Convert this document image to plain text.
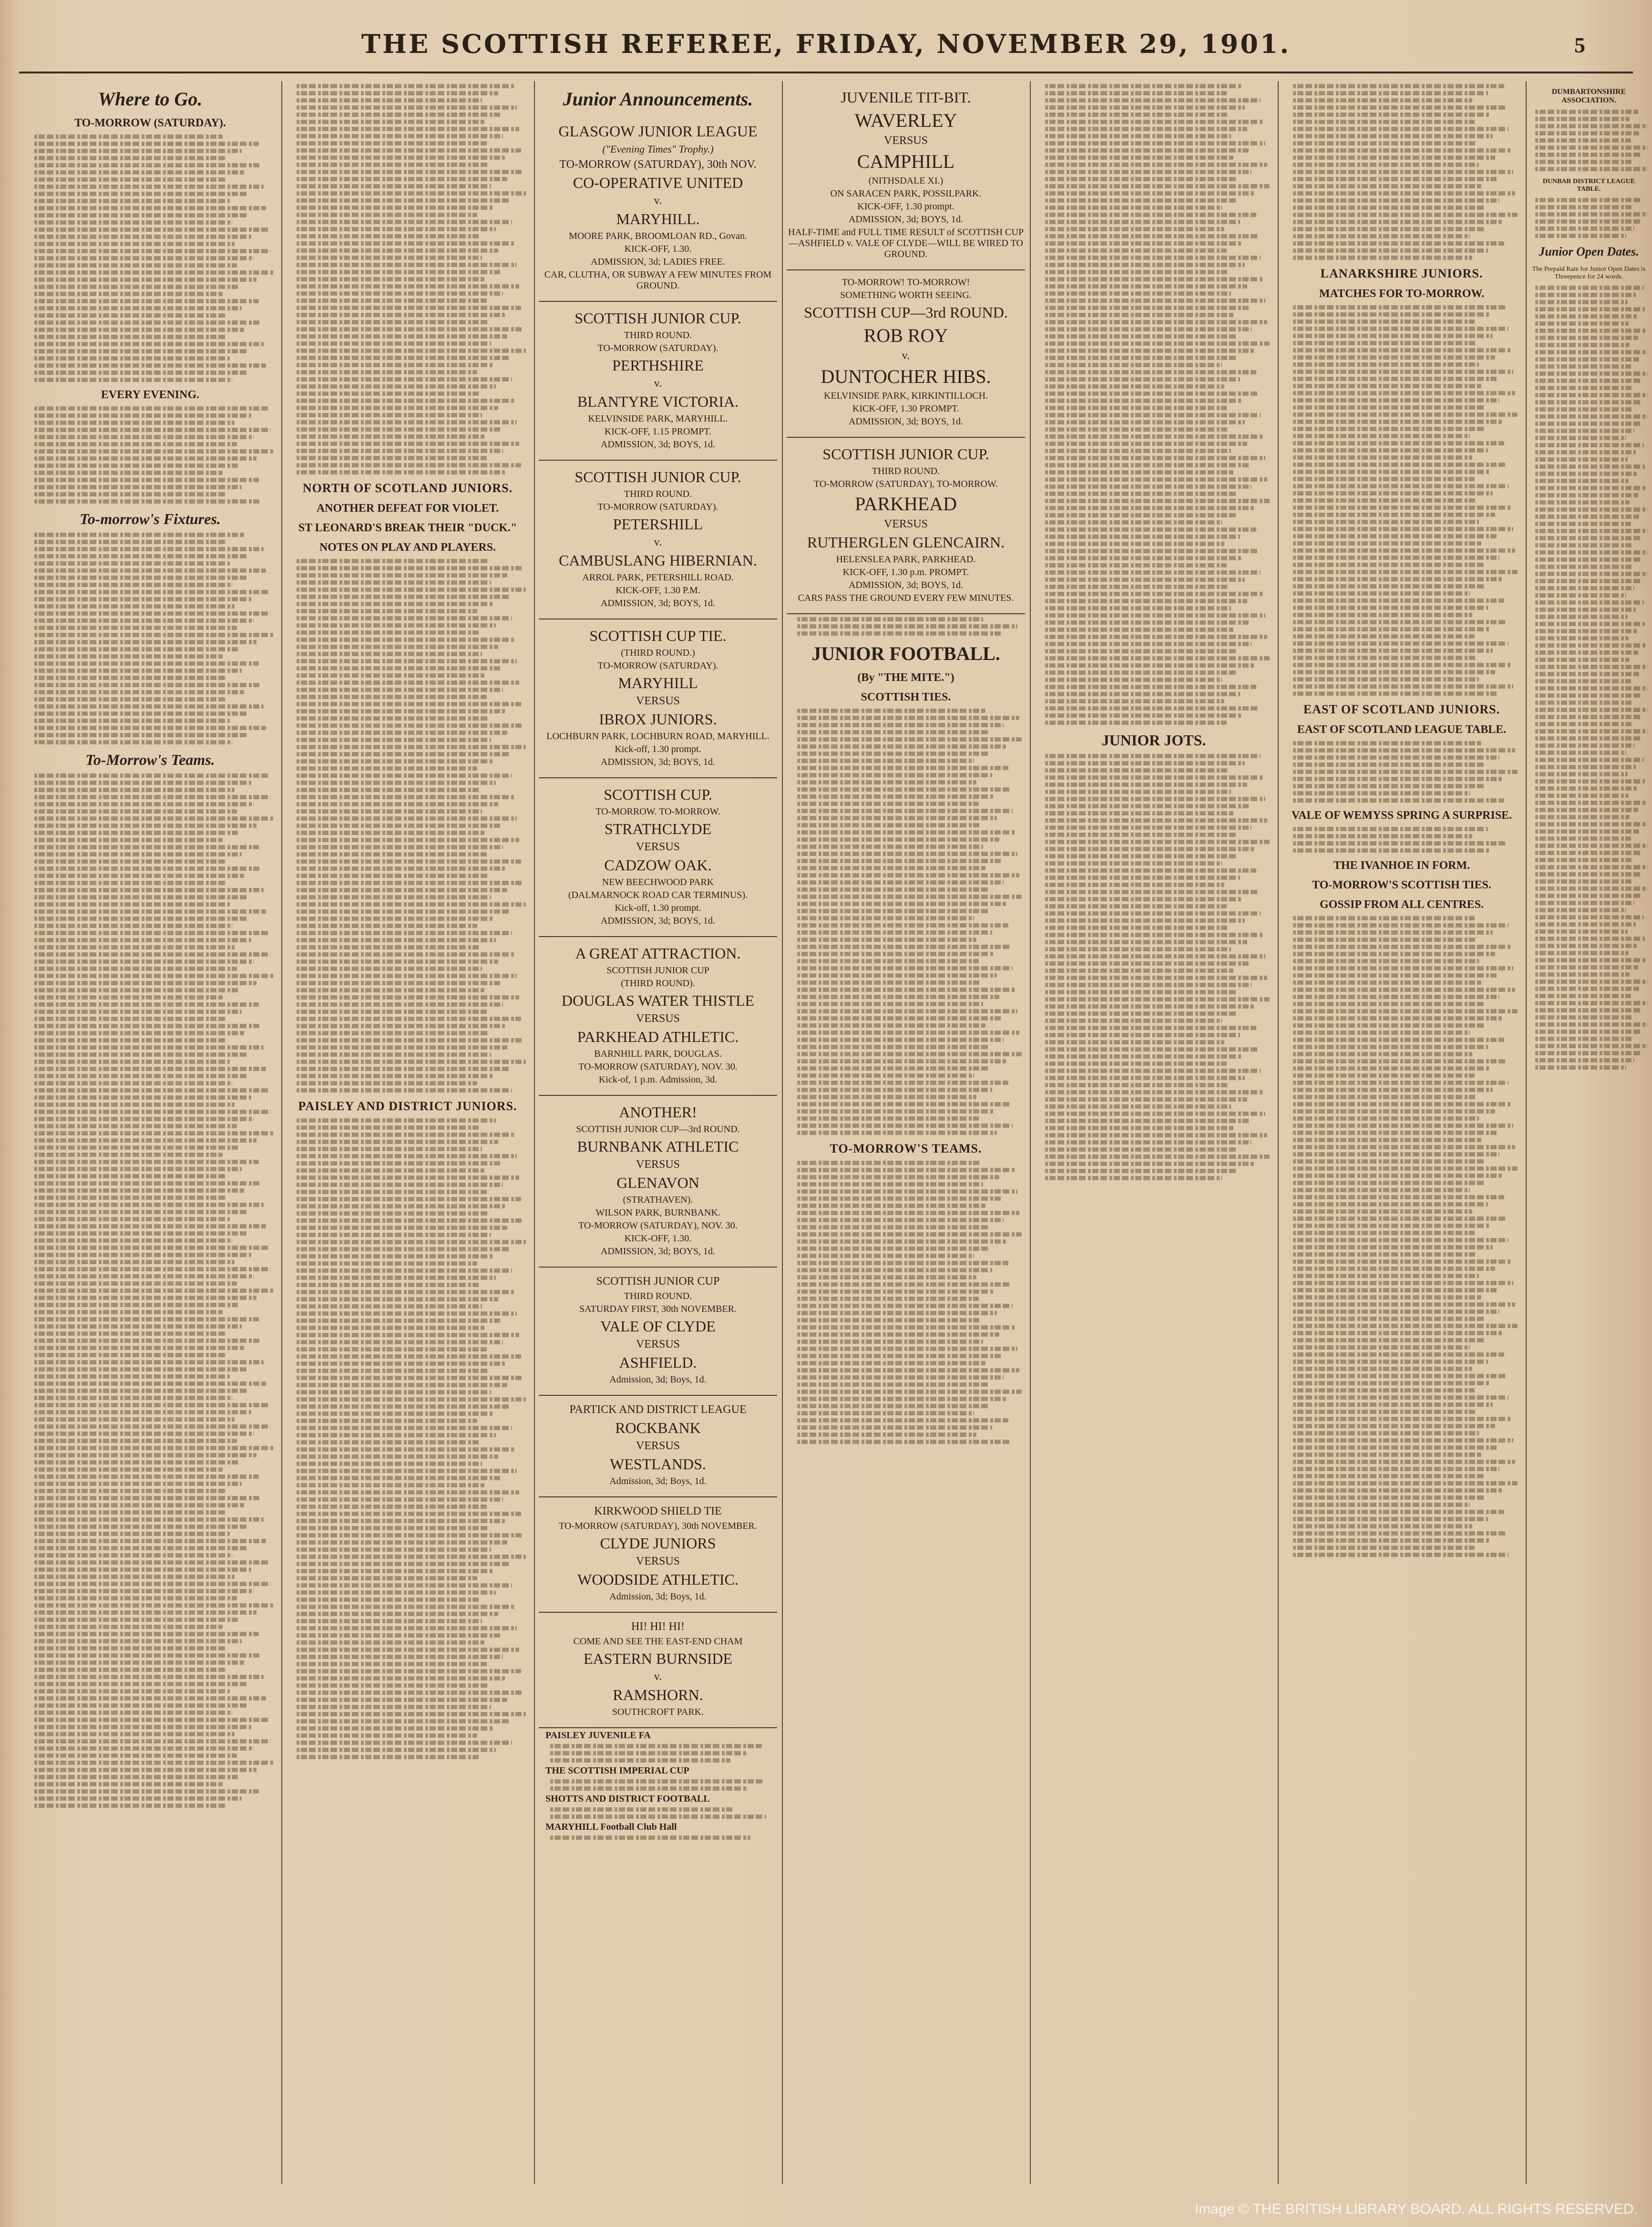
THE SCOTTISH REFEREE, FRIDAY, NOVEMBER 29, 1901.	5
Where to Go.
TO-MORROW (SATURDAY).
EVERY EVENING.
To-morrow's Fixtures.
To-Morrow's Teams.
NORTH OF SCOTLAND JUNIORS.
ANOTHER DEFEAT FOR VIOLET.
ST LEONARD'S BREAK THEIR "DUCK."
NOTES ON PLAY AND PLAYERS.
PAISLEY AND DISTRICT JUNIORS.
Junior Announcements.
GLASGOW JUNIOR LEAGUE
("Evening Times" Trophy.)
TO-MORROW (SATURDAY), 30th NOV.
CO-OPERATIVE UNITED
v.
MARYHILL.
MOORE PARK, BROOMLOAN RD., Govan.
KICK-OFF, 1.30.
ADMISSION, 3d; LADIES FREE.
CAR, CLUTHA, OR SUBWAY A FEW MINUTES FROM GROUND.
SCOTTISH JUNIOR CUP.
THIRD ROUND.
TO-MORROW (SATURDAY).
PERTHSHIRE
v.
BLANTYRE VICTORIA.
KELVINSIDE PARK, MARYHILL.
KICK-OFF, 1.15 PROMPT.
ADMISSION, 3d; BOYS, 1d.
SCOTTISH JUNIOR CUP.
THIRD ROUND.
TO-MORROW (SATURDAY).
PETERSHILL
v.
CAMBUSLANG HIBERNIAN.
ARROL PARK, PETERSHILL ROAD.
KICK-OFF, 1.30 P.M.
ADMISSION, 3d; BOYS, 1d.
SCOTTISH CUP TIE.
(THIRD ROUND.)
TO-MORROW (SATURDAY).
MARYHILL
VERSUS
IBROX JUNIORS.
LOCHBURN PARK, LOCHBURN ROAD, MARYHILL.
Kick-off, 1.30 prompt.
ADMISSION, 3d; BOYS, 1d.
SCOTTISH CUP.
TO-MORROW. TO-MORROW.
STRATHCLYDE
VERSUS
CADZOW OAK.
NEW BEECHWOOD PARK
(DALMARNOCK ROAD CAR TERMINUS).
Kick-off, 1.30 prompt.
ADMISSION, 3d; BOYS, 1d.
A GREAT ATTRACTION.
SCOTTISH JUNIOR CUP
(THIRD ROUND).
DOUGLAS WATER THISTLE
VERSUS
PARKHEAD ATHLETIC.
BARNHILL PARK, DOUGLAS.
TO-MORROW (SATURDAY), NOV. 30.
Kick-of, 1 p.m. Admission, 3d.
ANOTHER!
SCOTTISH JUNIOR CUP—3rd ROUND.
BURNBANK ATHLETIC
VERSUS
GLENAVON
(STRATHAVEN).
WILSON PARK, BURNBANK.
TO-MORROW (SATURDAY), NOV. 30.
KICK-OFF, 1.30.
ADMISSION, 3d; BOYS, 1d.
SCOTTISH JUNIOR CUP
THIRD ROUND.
SATURDAY FIRST, 30th NOVEMBER.
VALE OF CLYDE
VERSUS
ASHFIELD.
Admission, 3d; Boys, 1d.
PARTICK AND DISTRICT LEAGUE
ROCKBANK
VERSUS
WESTLANDS.
Admission, 3d; Boys, 1d.
KIRKWOOD SHIELD TIE
TO-MORROW (SATURDAY), 30th NOVEMBER.
CLYDE JUNIORS
VERSUS
WOODSIDE ATHLETIC.
Admission, 3d; Boys, 1d.
HI! HI! HI!
COME AND SEE THE EAST-END CHAM
EASTERN BURNSIDE
v.
RAMSHORN.
SOUTHCROFT PARK.
PAISLEY JUVENILE FA
THE SCOTTISH IMPERIAL CUP
SHOTTS AND DISTRICT FOOTBALL
MARYHILL Football Club Hall
JUVENILE TIT-BIT.
WAVERLEY
VERSUS
CAMPHILL
(NITHSDALE XI.)
ON SARACEN PARK, POSSILPARK.
KICK-OFF, 1.30 prompt.
ADMISSION, 3d; BOYS, 1d.
HALF-TIME and FULL TIME RESULT of SCOTTISH CUP—ASHFIELD v. VALE OF CLYDE—WILL BE WIRED TO GROUND.
TO-MORROW! TO-MORROW!
SOMETHING WORTH SEEING.
SCOTTISH CUP—3rd ROUND.
ROB ROY
v.
DUNTOCHER HIBS.
KELVINSIDE PARK, KIRKINTILLOCH.
KICK-OFF, 1.30 PROMPT.
ADMISSION, 3d; BOYS, 1d.
SCOTTISH JUNIOR CUP.
THIRD ROUND.
TO-MORROW (SATURDAY), TO-MORROW.
PARKHEAD
VERSUS
RUTHERGLEN GLENCAIRN.
HELENSLEA PARK, PARKHEAD.
KICK-OFF, 1.30 p.m. PROMPT.
ADMISSION, 3d; BOYS, 1d.
CARS PASS THE GROUND EVERY FEW MINUTES.
JUNIOR FOOTBALL.
(By "THE MITE.")
SCOTTISH TIES.
TO-MORROW'S TEAMS.
JUNIOR JOTS.
LANARKSHIRE JUNIORS.
MATCHES FOR TO-MORROW.
EAST OF SCOTLAND JUNIORS.
EAST OF SCOTLAND LEAGUE TABLE.
VALE OF WEMYSS SPRING A SURPRISE.
THE IVANHOE IN FORM.
TO-MORROW'S SCOTTISH TIES.
GOSSIP FROM ALL CENTRES.
DUMBARTONSHIRE ASSOCIATION.
DUNBAR DISTRICT LEAGUE TABLE.
Junior Open Dates.
The Prepaid Rate for Junior Open Dates is Threepence for 24 words.
Image © THE BRITISH LIBRARY BOARD. ALL RIGHTS RESERVED.
